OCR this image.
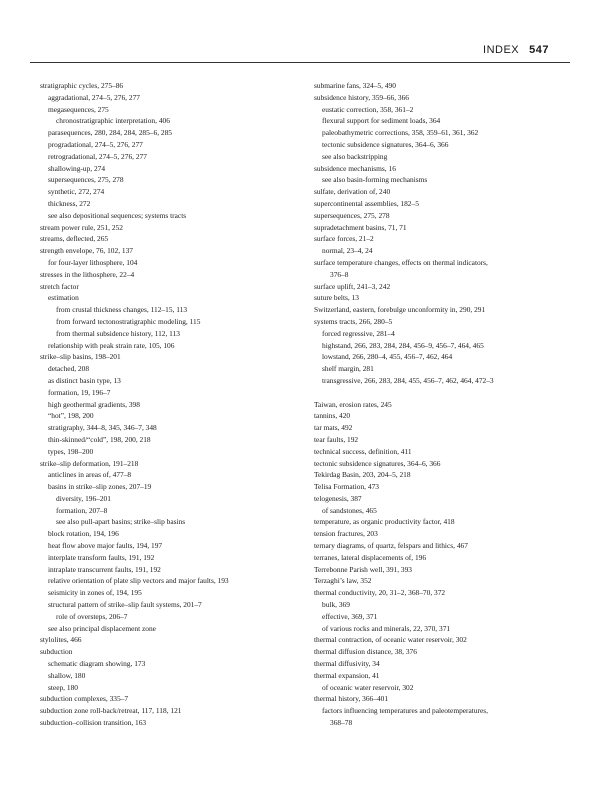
INDEX 547
stratigraphic cycles, 275–86
aggradational, 274–5, 276, 277
megasequences, 275
chronostratigraphic interpretation, 406
parasequences, 280, 284, 284, 285–6, 285
progradational, 274–5, 276, 277
retrogradational, 274–5, 276, 277
shallowing-up, 274
supersequences, 275, 278
synthetic, 272, 274
thickness, 272
see also depositional sequences; systems tracts
stream power rule, 251, 252
streams, deflected, 265
strength envelope, 76, 102, 137
for four-layer lithosphere, 104
stresses in the lithosphere, 22–4
stretch factor
estimation
from crustal thickness changes, 112–15, 113
from forward tectonostratigraphic modeling, 115
from thermal subsidence history, 112, 113
relationship with peak strain rate, 105, 106
strike–slip basins, 198–201
detached, 208
as distinct basin type, 13
formation, 19, 196–7
high geothermal gradients, 398
“hot”, 198, 200
stratigraphy, 344–8, 345, 346–7, 348
thin-skinned/“cold”, 198, 200, 218
types, 198–200
strike–slip deformation, 191–218
anticlines in areas of, 477–8
basins in strike–slip zones, 207–19
diversity, 196–201
formation, 207–8
see also pull-apart basins; strike–slip basins
block rotation, 194, 196
heat flow above major faults, 194, 197
interplate transform faults, 191, 192
intraplate transcurrent faults, 191, 192
relative orientation of plate slip vectors and major faults, 193
seismicity in zones of, 194, 195
structural pattern of strike–slip fault systems, 201–7
role of oversteps, 206–7
see also principal displacement zone
stylolites, 466
subduction
schematic diagram showing, 173
shallow, 180
steep, 180
subduction complexes, 335–7
subduction zone roll-back/retreat, 117, 118, 121
subduction–collision transition, 163
submarine fans, 324–5, 490
subsidence history, 359–66, 366
eustatic correction, 358, 361–2
flexural support for sediment loads, 364
paleobathymetric corrections, 358, 359–61, 361, 362
tectonic subsidence signatures, 364–6, 366
see also backstripping
subsidence mechanisms, 16
see also basin-forming mechanisms
sulfate, derivation of, 240
supercontinental assemblies, 182–5
supersequences, 275, 278
supradetachment basins, 71, 71
surface forces, 21–2
normal, 23–4, 24
surface temperature changes, effects on thermal indicators,
376–8
surface uplift, 241–3, 242
suture belts, 13
Switzerland, eastern, forebulge unconformity in, 290, 291
systems tracts, 266, 280–5
forced regressive, 281–4
highstand, 266, 283, 284, 284, 456–9, 456–7, 464, 465
lowstand, 266, 280–4, 455, 456–7, 462, 464
shelf margin, 281
transgressive, 266, 283, 284, 455, 456–7, 462, 464, 472–3
Taiwan, erosion rates, 245
tannins, 420
tar mats, 492
tear faults, 192
technical success, definition, 411
tectonic subsidence signatures, 364–6, 366
Tekirdag Basin, 203, 204–5, 218
Telisa Formation, 473
telogenesis, 387
of sandstones, 465
temperature, as organic productivity factor, 418
tension fractures, 203
ternary diagrams, of quartz, felspars and lithics, 467
terranes, lateral displacements of, 196
Terrebonne Parish well, 391, 393
Terzaghi’s law, 352
thermal conductivity, 20, 31–2, 368–70, 372
bulk, 369
effective, 369, 371
of various rocks and minerals, 22, 370, 371
thermal contraction, of oceanic water reservoir, 302
thermal diffusion distance, 38, 376
thermal diffusivity, 34
thermal expansion, 41
of oceanic water reservoir, 302
thermal history, 366–401
factors influencing temperatures and paleotemperatures,
368–78
